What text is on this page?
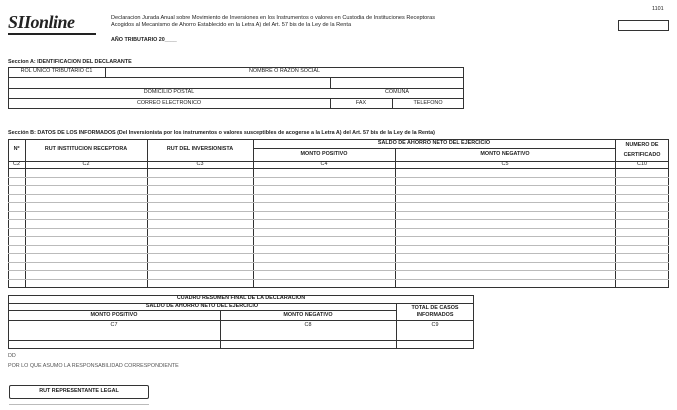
SIIonline	Declaracion Jurada Anual sobre Movimiento de Inversiones en los Instrumentos o valores en Custodia de Instituciones Receptoras
Acogidos al Mecanismo de Ahorro Establecido en la Letra A) del Art. 57 bis de la Ley de la Renta
AÑO TRIBUTARIO 20____
1101
Seccion A: IDENTIFICACION DEL DECLARANTE
ROL UNICO TRIBUTARIO C1	NOMBRE O RAZON SOCIAL
DOMICILIO POSTAL	COMUNA
CORREO ELECTRONICO	FAX	TELEFONO
Sección B: DATOS DE LOS INFORMADOS (Del Inversionista por los instrumentos o valores susceptibles de acogerse a la Letra A) del Art. 57 bis de la Ley de la Renta)
Nº	RUT INSTITUCION RECEPTORA	RUT DEL INVERSIONISTA
SALDO DE AHORRO NETO DEL EJERCICIO
MONTO POSITIVO	MONTO NEGATIVO
NUMERO DE
CERTIFICADO
C2	C2	C3	C4	C5	C10
CUADRO RESUMEN FINAL DE LA DECLARACION
SALDO DE AHORRO NETO DEL EJERCICIO
MONTO POSITIVO	MONTO NEGATIVO
TOTAL DE CASOS
INFORMADOS
C7	C8	C9
DD
POR LO QUE ASUMO LA RESPONSABILIDAD CORRESPONDIENTE
RUT REPRESENTANTE LEGAL
